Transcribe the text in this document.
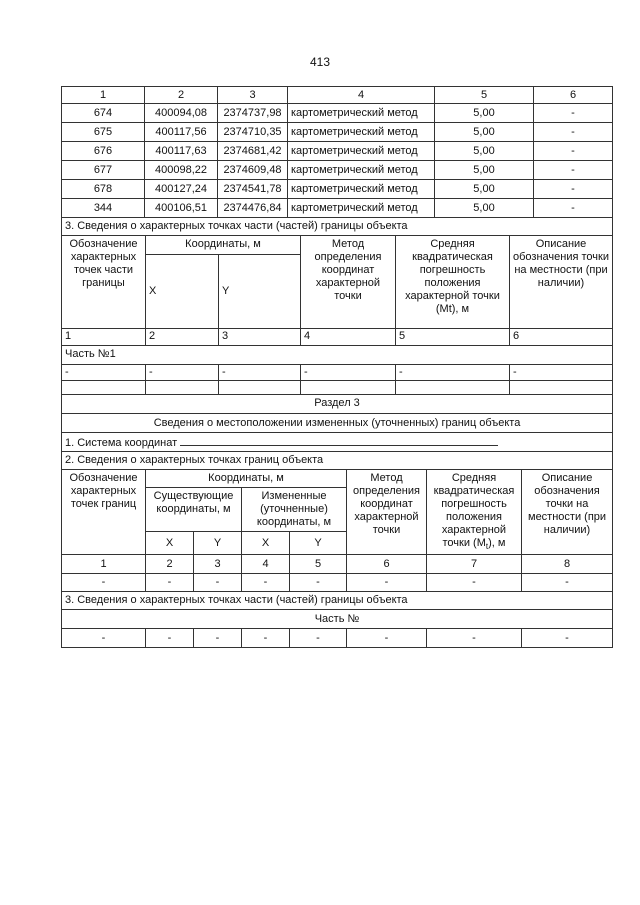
413
1	2	3	4	5	6
674	400094,08	2374737,98	картометрический метод	5,00	-
675	400117,56	2374710,35	картометрический метод	5,00	-
676	400117,63	2374681,42	картометрический метод	5,00	-
677	400098,22	2374609,48	картометрический метод	5,00	-
678	400127,24	2374541,78	картометрический метод	5,00	-
344	400106,51	2374476,84	картометрический метод	5,00	-
3. Сведения о характерных точках части (частей) границы объекта					
Обозначение характерных точек части границы	Координаты, м		Метод определения координат характерной точки	Средняя квадратическая погрешность положения характерной точки (Mt), м	Описание обозначения точки на местности (при наличии)
	X	Y			
1	2	3	4	5	6
Часть №1					
-	-	-	-	-	-

Раздел 3							
Сведения о местоположении измененных (уточненных) границ объекта							
1. Система координат							
2. Сведения о характерных точках границ объекта							
Обозначение характерных точек границ	Координаты, м				Метод определения координат характерной точки	Средняя квадратическая погрешность положения характерной точки $(M_t)$, м	Описание обозначения точки на местности (при наличии)
	Существующие координаты, м		Измененные (уточненные) координаты, м				
	X	Y	X	Y			
1	2	3	4	5	6	7	8
-	-	-	-	-	-	-	-
3. Сведения о характерных точках части (частей) границы объекта							
Часть №							
-	-	-	-	-	-	-	-
